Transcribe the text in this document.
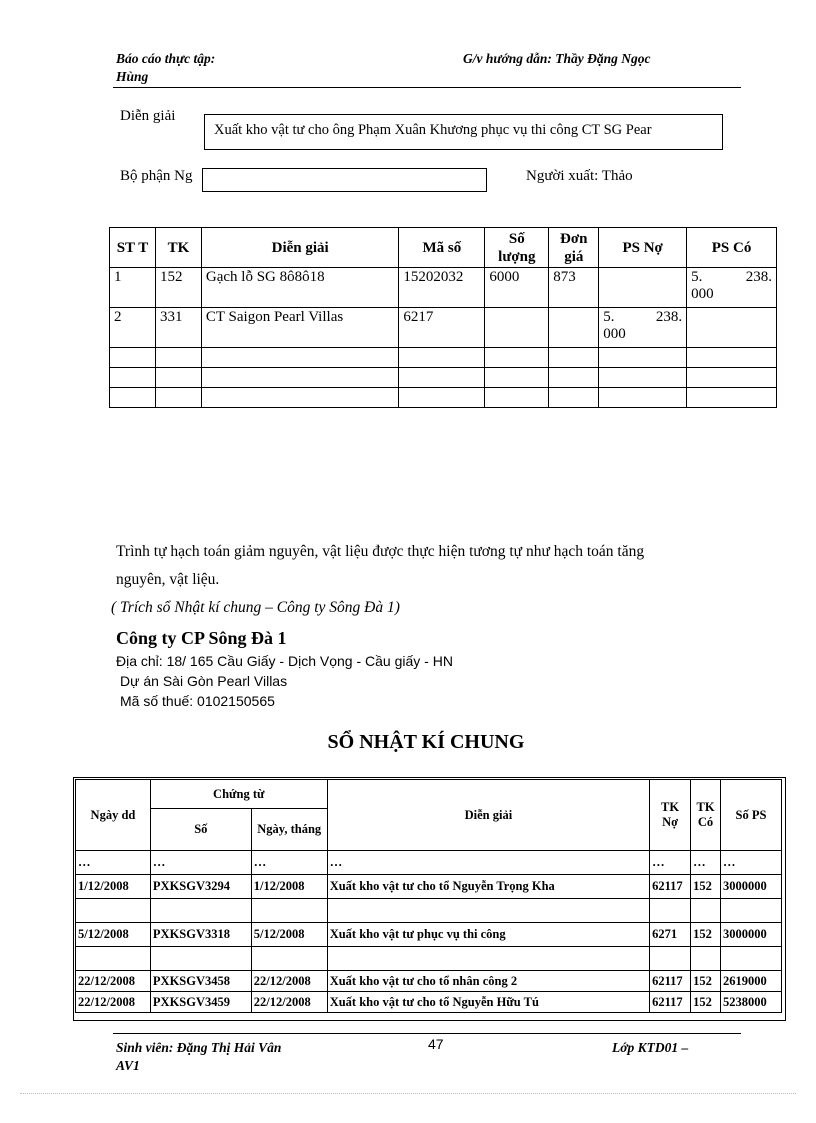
Báo cáo thực tập:
Hùng
G/v hướng dẫn: Thầy Đặng Ngọc
Diễn giải
Xuất kho vật tư cho ông Phạm Xuân Khương phục vụ thi công CT SG Pear
Bộ phận Ng	Người xuất: Thảo
ST T	TK	Diễn giải	Mã số	Số lượng	Đơn giá	PS Nợ	PS Có
1	152	Gạch lỗ SG 8ô8ô18	15202032	6000	873		5. 238.
000

2	331	CT Saigon Pearl Villas	6217			5. 238.
000	

Trình tự hạch toán giảm nguyên, vật liệu được thực hiện tương tự như hạch toán tăng
nguyên, vật liệu.
( Trích sổ Nhật kí chung – Công ty Sông Đà 1)
Công ty CP Sông Đà 1
Địa chỉ: 18/ 165 Cầu Giấy - Dịch Vọng - Cầu giấy - HN
Dự án Sài Gòn Pearl Villas
Mã số thuế: 0102150565
SỔ NHẬT KÍ CHUNG
Ngày dd	Chứng từ		Diễn giải	TK Nợ	TK Có	Số PS
	Số	Ngày, tháng				
…	…	…	…	…	…	…
1/12/2008	PXKSGV3294	1/12/2008	Xuất kho vật tư cho tổ Nguyễn Trọng Kha	62117	152	3000000

5/12/2008	PXKSGV3318	5/12/2008	Xuất kho vật tư phục vụ thi công	6271	152	3000000

22/12/2008	PXKSGV3458	22/12/2008	Xuất kho vật tư cho tổ nhân công 2	62117	152	2619000
22/12/2008	PXKSGV3459	22/12/2008	Xuất kho vật tư cho tổ Nguyễn Hữu Tú	62117	152	5238000
Sinh viên: Đặng Thị Hải Vân
AV1
47	Lớp KTD01 –
